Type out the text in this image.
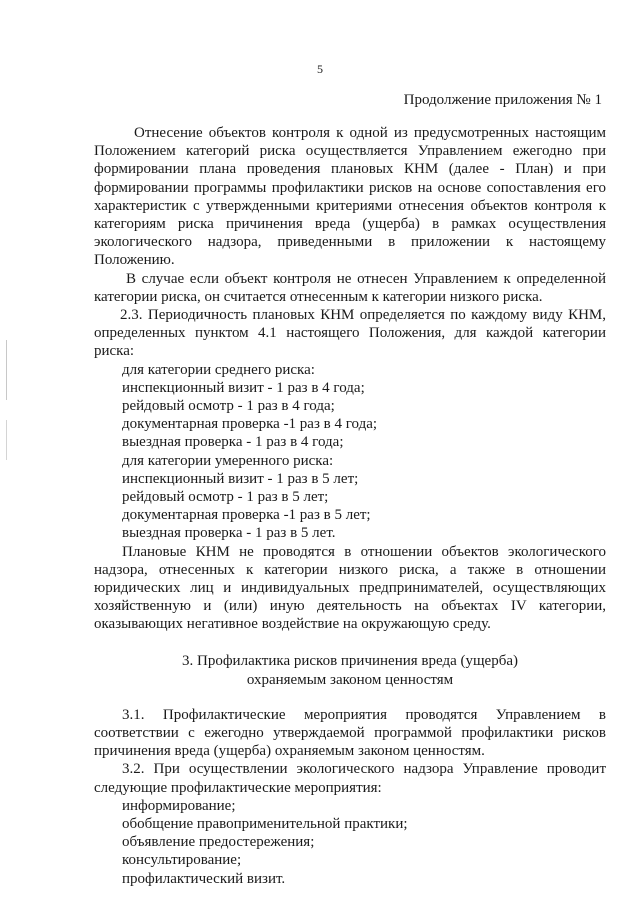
5
Продолжение приложения № 1

Отнесение объектов контроля к одной из предусмотренных настоящим Положением категорий риска осуществляется Управлением ежегодно при формировании плана проведения плановых КНМ (далее - План) и при формировании программы профилактики рисков на основе сопоставления его характеристик с утвержденными критериями отнесения объектов контроля к категориям риска причинения вреда (ущерба) в рамках осуществления экологического надзора, приведенными в приложении к настоящему Положению.

В случае если объект контроля не отнесен Управлением к определенной категории риска, он считается отнесенным к категории низкого риска.

2.3. Периодичность плановых КНМ определяется по каждому виду КНМ, определенных пунктом 4.1 настоящего Положения, для каждой категории риска:

для категории среднего риска:
инспекционный визит - 1 раз в 4 года;
рейдовый осмотр - 1 раз в 4 года;
документарная проверка -1 раз в 4 года;
выездная проверка - 1 раз в 4 года;
для категории умеренного риска:
инспекционный визит - 1 раз в 5 лет;
рейдовый осмотр - 1 раз в 5 лет;
документарная проверка -1 раз в 5 лет;
выездная проверка - 1 раз в 5 лет.

Плановые КНМ не проводятся в отношении объектов экологического надзора, отнесенных к категории низкого риска, а также в отношении юридических лиц и индивидуальных предпринимателей, осуществляющих хозяйственную и (или) иную деятельность на объектах IV категории, оказывающих негативное воздействие на окружающую среду.

3. Профилактика рисков причинения вреда (ущерба)
охраняемым законом ценностям

3.1. Профилактические мероприятия проводятся Управлением в соответствии с ежегодно утверждаемой программой профилактики рисков причинения вреда (ущерба) охраняемым законом ценностям.

3.2. При осуществлении экологического надзора Управление проводит следующие профилактические мероприятия:

информирование;
обобщение правоприменительной практики;
объявление предостережения;
консультирование;
профилактический визит.
